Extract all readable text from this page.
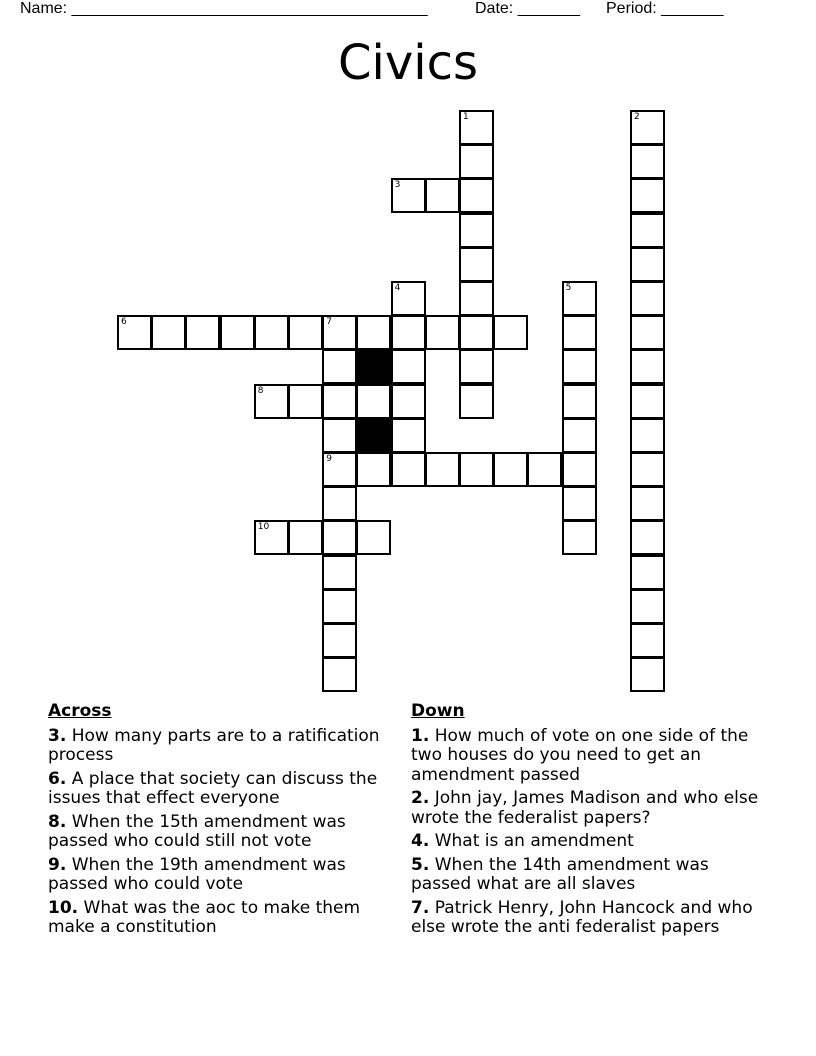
Name: ________________________________________	Date: _______ Period: _______
Civics
1	2
3
4	5
6	7
9
8
10
Across
3. How many parts are to a ratification process
6. A place that society can discuss the issues that effect everyone
8. When the 15th amendment was passed who could still not vote
9. When the 19th amendment was passed who could vote
10. What was the aoc to make them make a constitution
Down
1. How much of vote on one side of the two houses do you need to get an amendment passed
2. John jay, James Madison and who else wrote the federalist papers?
4. What is an amendment
5. When the 14th amendment was passed what are all slaves
7. Patrick Henry, John Hancock and who else wrote the anti federalist papers
